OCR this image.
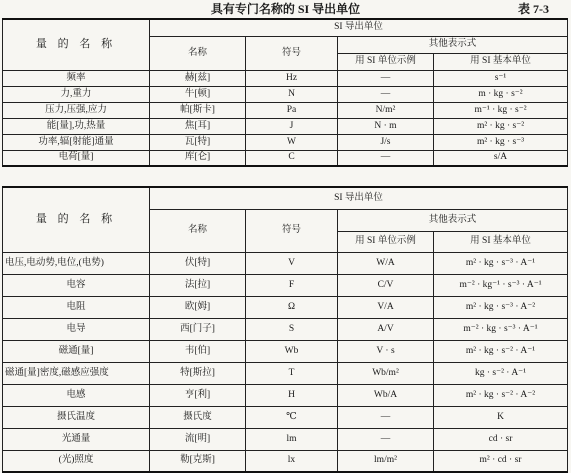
具有专门名称的 SI 导出单位	表 7-3
量 的 名 称	SI 导出单位			
	名称	符号	其他表示式	
			用 SI 单位示例	用 SI 基本单位
频率	赫[兹]	Hz	—	s⁻¹
力,重力	牛[顿]	N	—	m · kg · s⁻²
压力,压强,应力	帕[斯卡]	Pa	N/m²	m⁻¹ · kg · s⁻²
能[量],功,热量	焦[耳]	J	N · m	m² · kg · s⁻²
功率,辐[射能]通量	瓦[特]	W	J/s	m² · kg · s⁻³
电荷[量]	库[仑]	C	—	s/A
量 的 名 称	SI 导出单位			
	名称	符号	其他表示式	
			用 SI 单位示例	用 SI 基本单位
电压,电动势,电位,(电势)	伏[特]	V	W/A	m² · kg · s⁻³ · A⁻¹
电容	法[拉]	F	C/V	m⁻² · kg⁻¹ · s⁻³ · A⁻¹
电阻	欧[姆]	Ω	V/A	m² · kg · s⁻³ · A⁻²
电导	西[门子]	S	A/V	m⁻² · kg · s⁻³ · A⁻¹
磁通[量]	韦[伯]	Wb	V · s	m² · kg · s⁻² · A⁻¹
磁通[量]密度,磁感应强度	特[斯拉]	T	Wb/m²	kg · s⁻² · A⁻¹
电感	亨[利]	H	Wb/A	m² · kg · s⁻² · A⁻²
摄氏温度	摄氏度	℃	—	K
光通量	流[明]	lm	—	cd · sr
(光)照度	勒[克斯]	lx	lm/m²	m² · cd · sr
